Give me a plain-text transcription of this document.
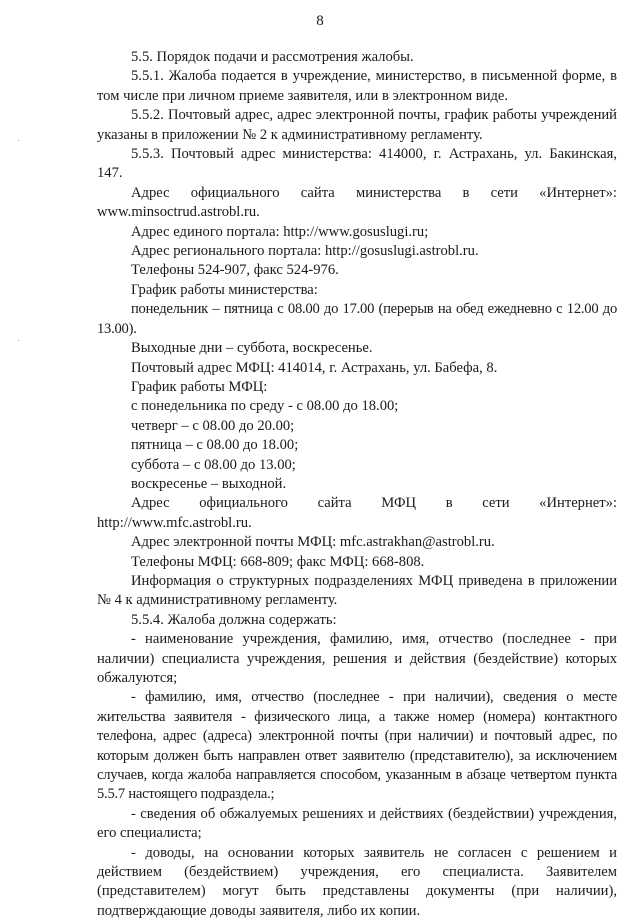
8

5.5. Порядок подачи и рассмотрения жалобы.

5.5.1. Жалоба подается в учреждение, министерство, в письменной форме, в том числе при личном приеме заявителя, или в электронном виде.

5.5.2. Почтовый адрес, адрес электронной почты, график работы учреждений указаны в приложении № 2 к административному регламенту.

5.5.3. Почтовый адрес министерства: 414000, г. Астрахань, ул. Бакинская, 147.

Адрес официального сайта министерства в сети «Интернет»:

www.minsoctrud.astrobl.ru.

Адрес единого портала: http://www.gosuslugi.ru;

Адрес регионального портала: http://gosuslugi.astrobl.ru.

Телефоны 524-907, факс 524-976.

График работы министерства:

понедельник – пятница с 08.00 до 17.00 (перерыв на обед ежедневно с 12.00 до 13.00).

Выходные дни – суббота, воскресенье.

Почтовый адрес МФЦ: 414014, г. Астрахань, ул. Бабефа, 8.

График работы МФЦ:

с понедельника по среду - с 08.00 до 18.00;

четверг – с 08.00 до 20.00;

пятница – с 08.00 до 18.00;

суббота – с 08.00 до 13.00;

воскресенье – выходной.

Адрес официального сайта МФЦ в сети «Интернет»:

http://www.mfc.astrobl.ru.

Адрес электронной почты МФЦ: mfc.astrakhan@astrobl.ru.

Телефоны МФЦ: 668-809; факс МФЦ: 668-808.

Информация о структурных подразделениях МФЦ приведена в приложении № 4 к административному регламенту.

5.5.4. Жалоба должна содержать:

- наименование учреждения, фамилию, имя, отчество (последнее - при наличии) специалиста учреждения, решения и действия (бездействие) которых обжалуются;

- фамилию, имя, отчество (последнее - при наличии), сведения о месте жительства заявителя - физического лица, а также номер (номера) контактного телефона, адрес (адреса) электронной почты (при наличии) и почтовый адрес, по которым должен быть направлен ответ заявителю (представителю), за исключением случаев, когда жалоба направляется способом, указанным в абзаце четвертом пункта 5.5.7 настоящего подраздела.;

- сведения об обжалуемых решениях и действиях (бездействии) учреждения, его специалиста;

- доводы, на основании которых заявитель не согласен с решением и действием (бездействием) учреждения, его специалиста. Заявителем (представителем) могут быть представлены документы (при наличии), подтверждающие доводы заявителя, либо их копии.
